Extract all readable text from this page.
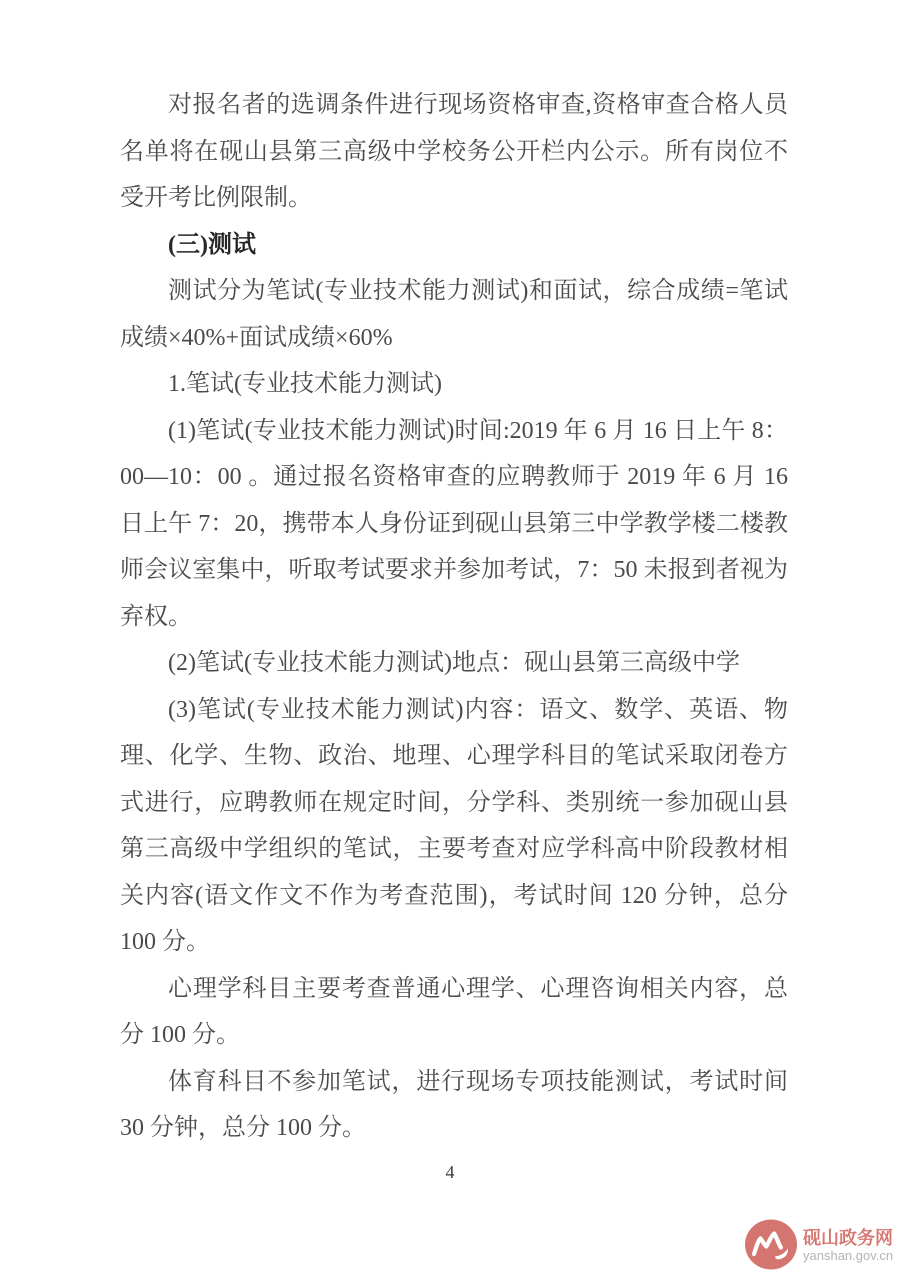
对报名者的选调条件进行现场资格审查,资格审查合格人员名单将在砚山县第三高级中学校务公开栏内公示。所有岗位不受开考比例限制。

(三)测试

测试分为笔试(专业技术能力测试)和面试，综合成绩=笔试成绩×40%+面试成绩×60%

1.笔试(专业技术能力测试)

(1)笔试(专业技术能力测试)时间:2019 年 6 月 16 日上午 8：00—10：00 。通过报名资格审查的应聘教师于 2019 年 6 月 16 日上午 7：20，携带本人身份证到砚山县第三中学教学楼二楼教师会议室集中，听取考试要求并参加考试，7：50 未报到者视为弃权。

(2)笔试(专业技术能力测试)地点：砚山县第三高级中学

(3)笔试(专业技术能力测试)内容：语文、数学、英语、物理、化学、生物、政治、地理、心理学科目的笔试采取闭卷方式进行，应聘教师在规定时间，分学科、类别统一参加砚山县第三高级中学组织的笔试，主要考查对应学科高中阶段教材相关内容(语文作文不作为考查范围)，考试时间 120 分钟，总分 100 分。

心理学科目主要考查普通心理学、心理咨询相关内容，总分 100 分。

体育科目不参加笔试，进行现场专项技能测试，考试时间 30 分钟，总分 100 分。

4
砚山政务网
yanshan.gov.cn
